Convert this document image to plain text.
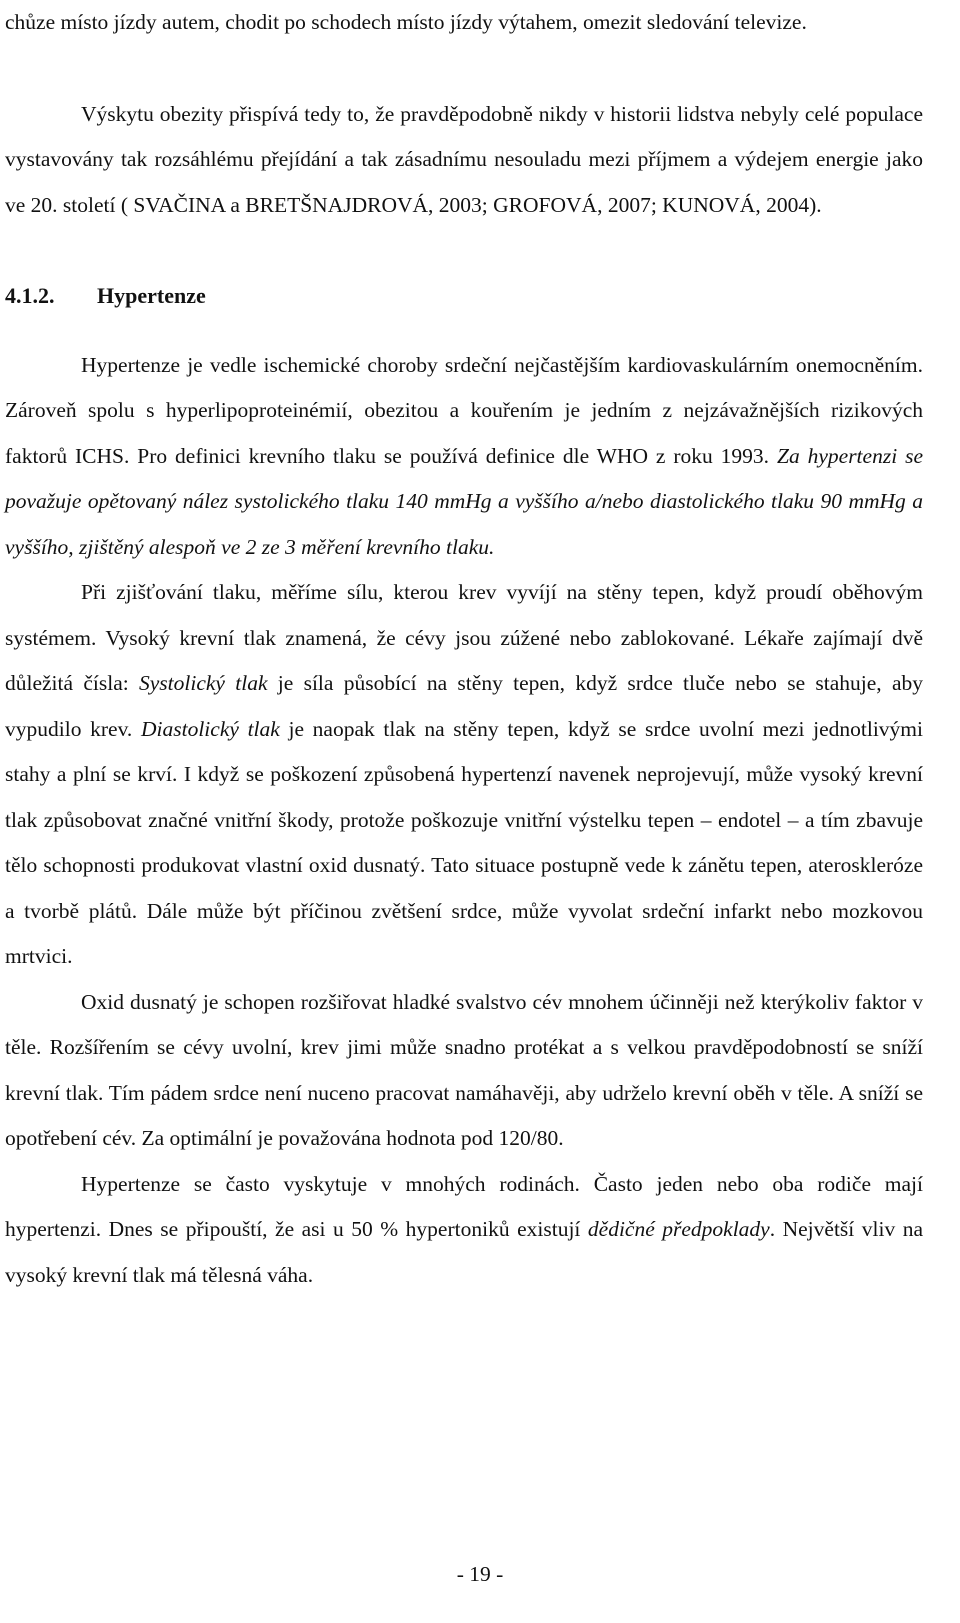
chůze místo jízdy autem, chodit po schodech místo jízdy výtahem, omezit sledování televize.

Výskytu obezity přispívá tedy to, že pravděpodobně nikdy v historii lidstva nebyly celé populace vystavovány tak rozsáhlému přejídání a tak zásadnímu nesouladu mezi příjmem a výdejem energie jako ve 20. století ( SVAČINA a BRETŠNAJDROVÁ, 2003; GROFOVÁ, 2007; KUNOVÁ, 2004).

4.1.2.	Hypertenze

Hypertenze je vedle ischemické choroby srdeční nejčastějším kardiovaskulárním onemocněním. Zároveň spolu s hyperlipoproteinémií, obezitou a kouřením je jedním z nejzávažnějších rizikových faktorů ICHS. Pro definici krevního tlaku se používá definice dle WHO z roku 1993. Za hypertenzi se považuje opětovaný nález systolického tlaku 140 mmHg a vyššího a/nebo diastolického tlaku 90 mmHg a vyššího, zjištěný alespoň ve 2 ze 3 měření krevního tlaku.

Při zjišťování tlaku, měříme sílu, kterou krev vyvíjí na stěny tepen, když proudí oběhovým systémem. Vysoký krevní tlak znamená, že cévy jsou zúžené nebo zablokované. Lékaře zajímají dvě důležitá čísla: Systolický tlak je síla působící na stěny tepen, když srdce tluče nebo se stahuje, aby vypudilo krev. Diastolický tlak je naopak tlak na stěny tepen, když se srdce uvolní mezi jednotlivými stahy a plní se krví. I když se poškození způsobená hypertenzí navenek neprojevují, může vysoký krevní tlak způsobovat značné vnitřní škody, protože poškozuje vnitřní výstelku tepen – endotel – a tím zbavuje tělo schopnosti produkovat vlastní oxid dusnatý. Tato situace postupně vede k zánětu tepen, ateroskleróze a tvorbě plátů. Dále může být příčinou zvětšení srdce, může vyvolat srdeční infarkt nebo mozkovou mrtvici.

Oxid dusnatý je schopen rozšiřovat hladké svalstvo cév mnohem účinněji než kterýkoliv faktor v těle. Rozšířením se cévy uvolní, krev jimi může snadno protékat a s velkou pravděpodobností se sníží krevní tlak. Tím pádem srdce není nuceno pracovat namáhavěji, aby udrželo krevní oběh v těle. A sníží se opotřebení cév. Za optimální je považována hodnota pod 120/80.

Hypertenze se často vyskytuje v mnohých rodinách. Často jeden nebo oba rodiče mají hypertenzi. Dnes se připouští, že asi u 50 % hypertoniků existují dědičné předpoklady. Největší vliv na vysoký krevní tlak má tělesná váha.

- 19 -
